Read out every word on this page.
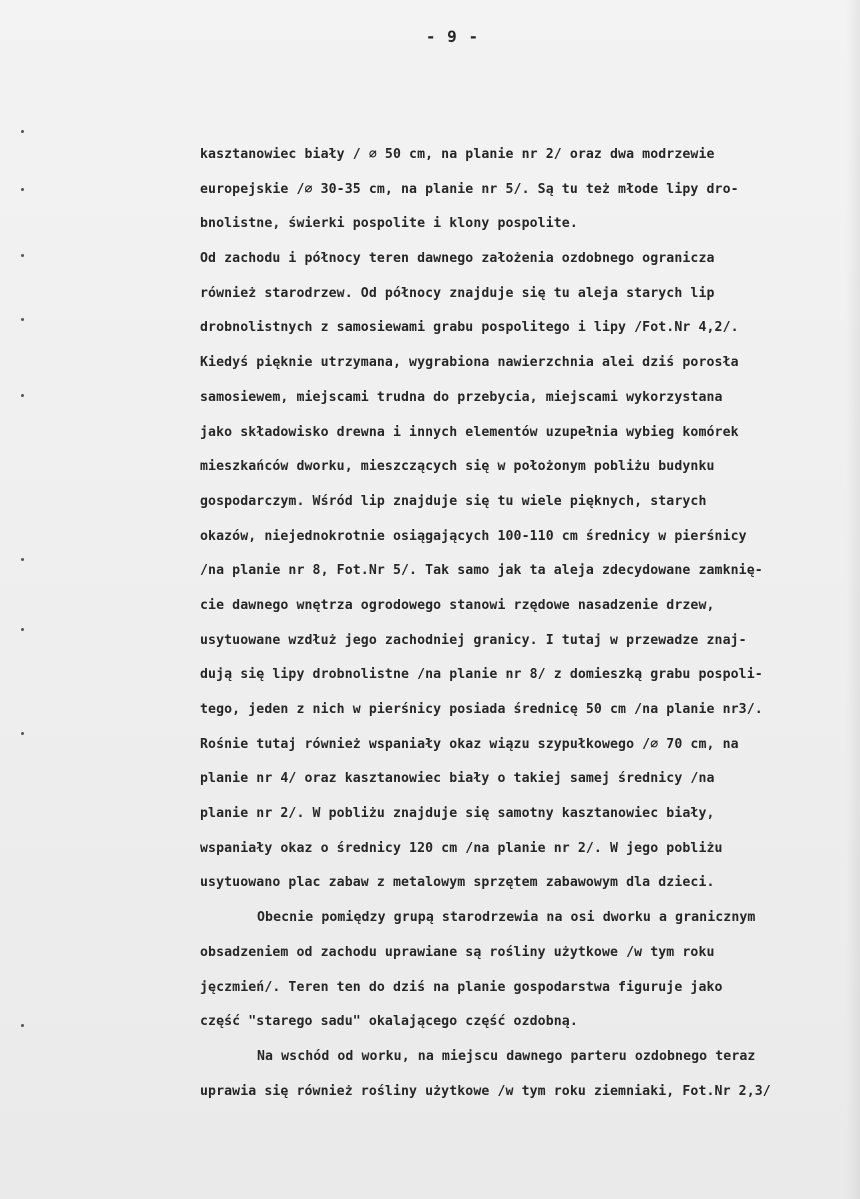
- 9 -
kasztanowiec biały / ∅ 50 cm, na planie nr 2/ oraz dwa modrzewie
europejskie /∅ 30-35 cm, na planie nr 5/. Są tu też młode lipy dro-
bnolistne, świerki pospolite i klony pospolite.
Od zachodu i północy teren dawnego założenia ozdobnego ogranicza
również starodrzew. Od północy znajduje się tu aleja starych lip
drobnolistnych z samosiewami grabu pospolitego i lipy /Fot.Nr 4,2/.
Kiedyś pięknie utrzymana, wygrabiona nawierzchnia alei dziś porosła
samosiewem, miejscami trudna do przebycia, miejscami wykorzystana
jako składowisko drewna i innych elementów uzupełnia wybieg komórek
mieszkańców dworku, mieszczących się w położonym pobliżu budynku
gospodarczym. Wśród lip znajduje się tu wiele pięknych, starych
okazów, niejednokrotnie osiągających 100-110 cm średnicy w pierśnicy
/na planie nr 8, Fot.Nr 5/. Tak samo jak ta aleja zdecydowane zamknię-
cie dawnego wnętrza ogrodowego stanowi rzędowe nasadzenie drzew,
usytuowane wzdłuż jego zachodniej granicy. I tutaj w przewadze znaj-
dują się lipy drobnolistne /na planie nr 8/ z domieszką grabu pospoli-
tego, jeden z nich w pierśnicy posiada średnicę 50 cm /na planie nr3/.
Rośnie tutaj również wspaniały okaz wiązu szypułkowego /∅ 70 cm, na
planie nr 4/ oraz kasztanowiec biały o takiej samej średnicy /na
planie nr 2/. W pobliżu znajduje się samotny kasztanowiec biały,
wspaniały okaz o średnicy 120 cm /na planie nr 2/. W jego pobliżu
usytuowano plac zabaw z metalowym sprzętem zabawowym dla dzieci.
Obecnie pomiędzy grupą starodrzewia na osi dworku a granicznym
obsadzeniem od zachodu uprawiane są rośliny użytkowe /w tym roku
jęczmień/. Teren ten do dziś na planie gospodarstwa figuruje jako
część "starego sadu" okalającego część ozdobną.
Na wschód od worku, na miejscu dawnego parteru ozdobnego teraz
uprawia się również rośliny użytkowe /w tym roku ziemniaki, Fot.Nr 2,3/
